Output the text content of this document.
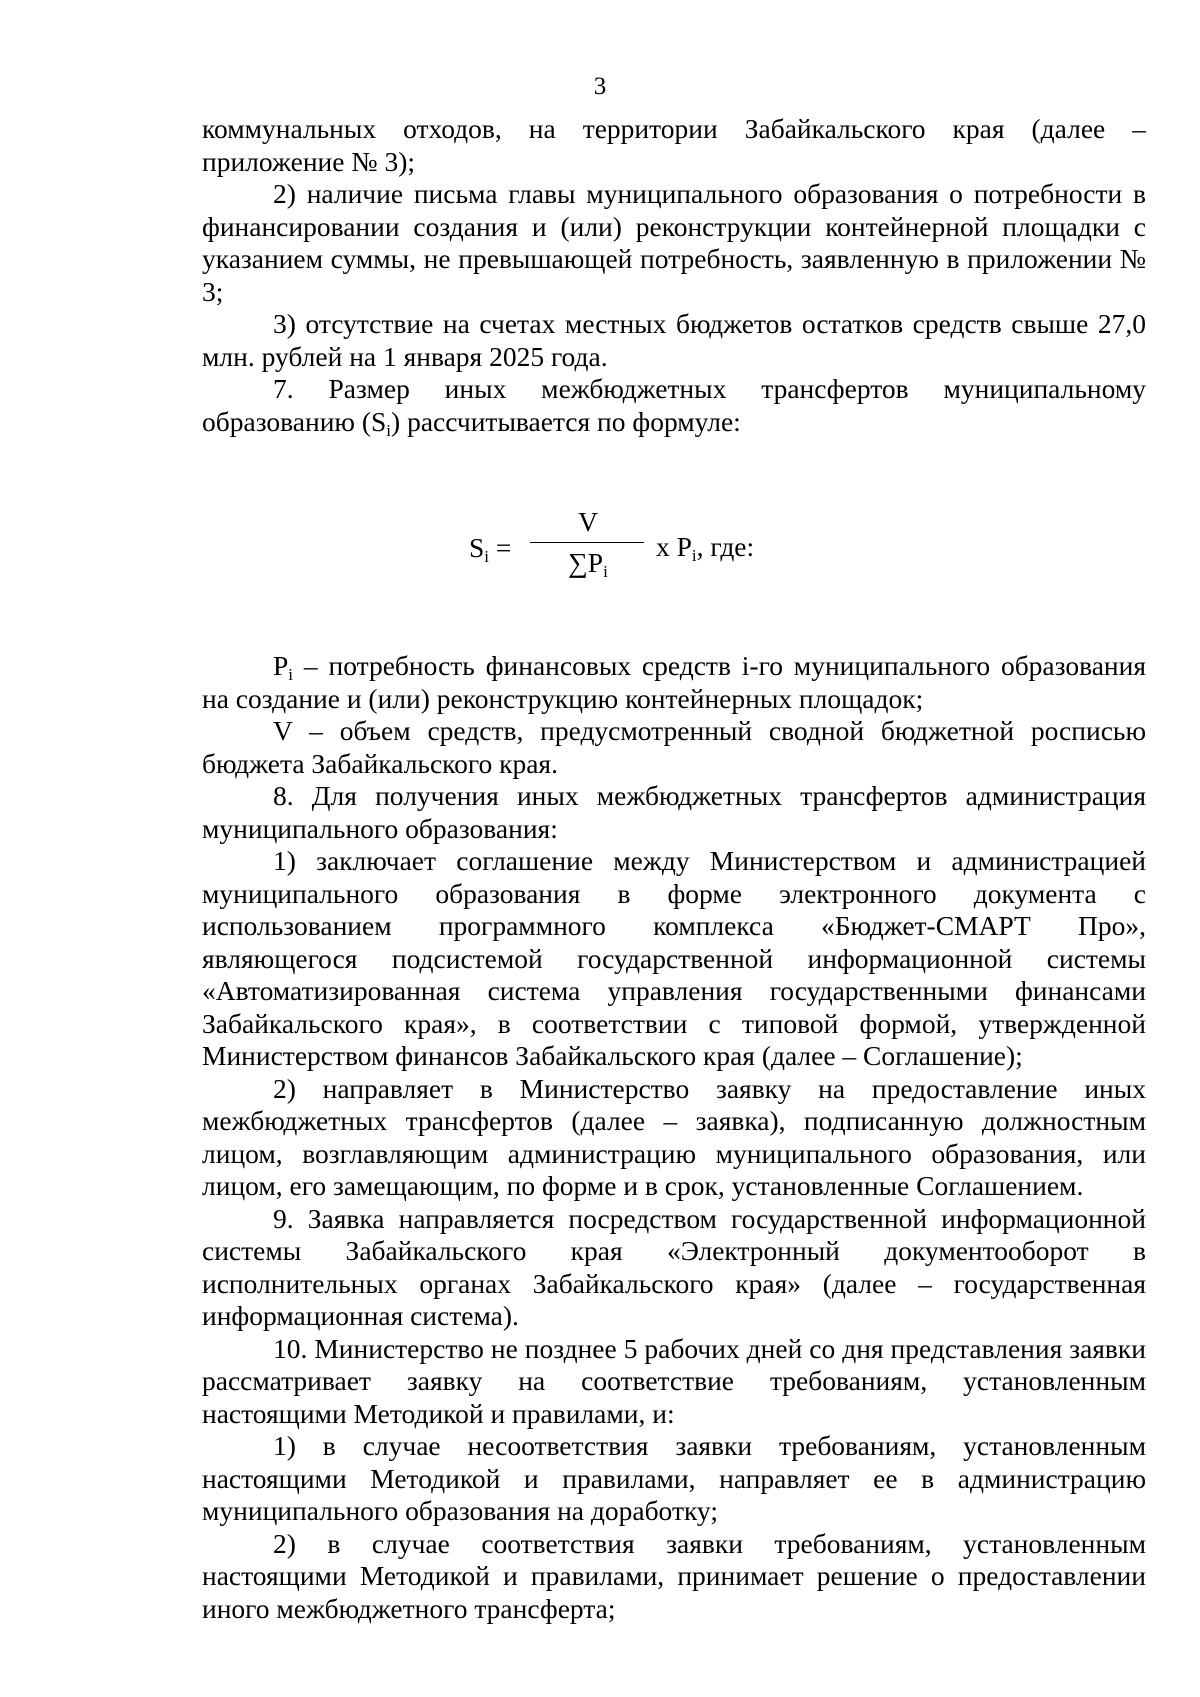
3

коммунальных отходов, на территории Забайкальского края (далее – приложение № 3);

2) наличие письма главы муниципального образования о потребности в финансировании создания и (или) реконструкции контейнерной площадки с указанием суммы, не превышающей потребность, заявленную в приложении № 3;

3) отсутствие на счетах местных бюджетов остатков средств свыше 27,0 млн. рублей на 1 января 2025 года.

7. Размер иных межбюджетных трансфертов муниципальному

образованию $(S_i)$ рассчитывается по формуле:

$S_i$ =
V
$\sum P_i$
x $P_i$, где:

$P_i$ – потребность финансовых средств i-го муниципального образования на создание и (или) реконструкцию контейнерных площадок;

V – объем средств, предусмотренный сводной бюджетной росписью бюджета Забайкальского края.

8. Для получения иных межбюджетных трансфертов администрация муниципального образования:

1) заключает соглашение между Министерством и администрацией муниципального образования в форме электронного документа с использованием программного комплекса «Бюджет-СМАРТ Про», являющегося подсистемой государственной информационной системы «Автоматизированная система управления государственными финансами Забайкальского края», в соответствии с типовой формой, утвержденной Министерством финансов Забайкальского края (далее – Соглашение);

2) направляет в Министерство заявку на предоставление иных межбюджетных трансфертов (далее – заявка), подписанную должностным лицом, возглавляющим администрацию муниципального образования, или лицом, его замещающим, по форме и в срок, установленные Соглашением.

9. Заявка направляется посредством государственной информационной системы Забайкальского края «Электронный документооборот в исполнительных органах Забайкальского края» (далее – государственная информационная система).

10. Министерство не позднее 5 рабочих дней со дня представления заявки рассматривает заявку на соответствие требованиям, установленным настоящими Методикой и правилами, и:

1) в случае несоответствия заявки требованиям, установленным настоящими Методикой и правилами, направляет ее в администрацию муниципального образования на доработку;

2) в случае соответствия заявки требованиям, установленным настоящими Методикой и правилами, принимает решение о предоставлении иного межбюджетного трансферта;
